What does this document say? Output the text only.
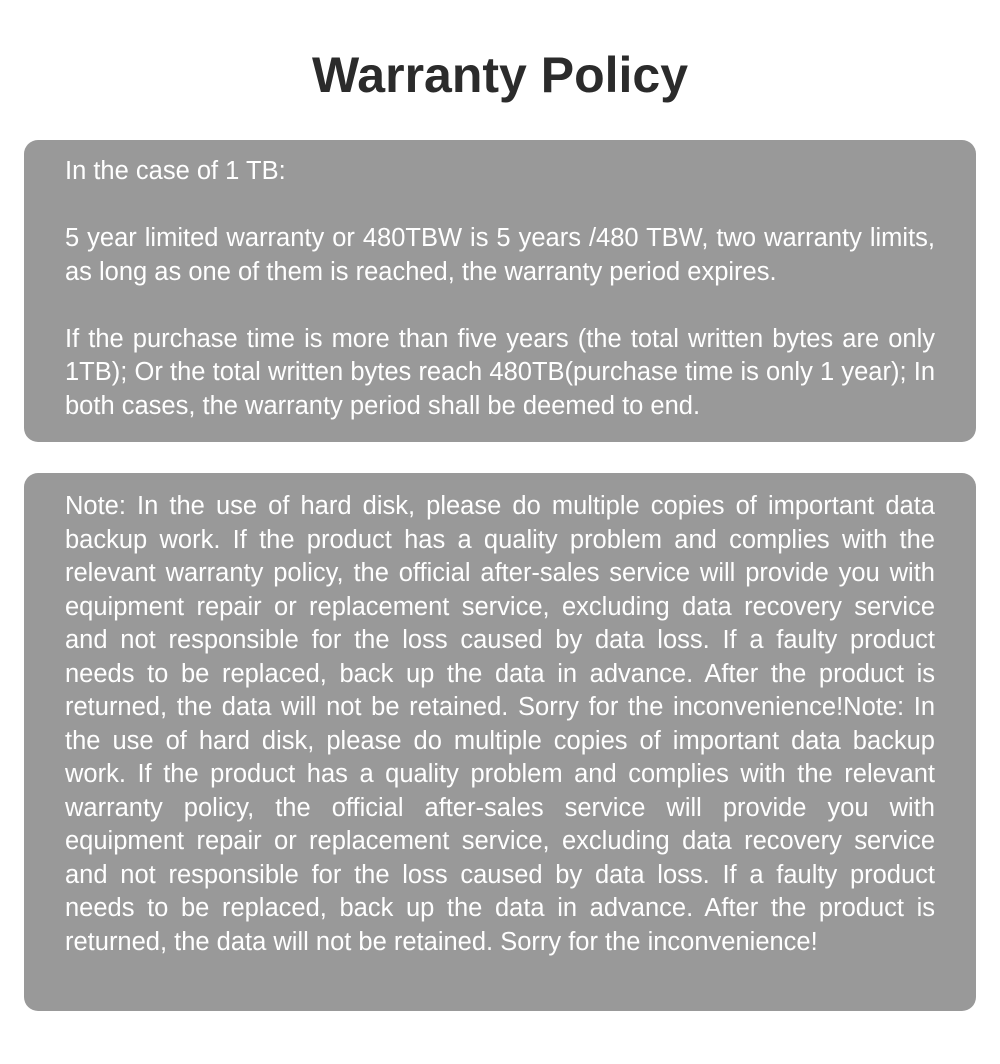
Warranty Policy
In the case of 1 TB:

5 year limited warranty or 480TBW is 5 years /480 TBW, two warranty limits, as long as one of them is reached, the warranty period expires.

If the purchase time is more than five years (the total written bytes are only 1TB); Or the total written bytes reach 480TB(purchase time is only 1 year); In both cases, the warranty period shall be deemed to end.

Note: In the use of hard disk, please do multiple copies of important data backup work. If the product has a quality problem and complies with the relevant warranty policy, the official after-sales service will provide you with equipment repair or replacement service, excluding data recovery service and not responsible for the loss caused by data loss. If a faulty product needs to be replaced, back up the data in advance. After the product is returned, the data will not be retained. Sorry for the inconvenience!Note: In the use of hard disk, please do multiple copies of important data backup work. If the product has a quality problem and complies with the relevant warranty policy, the official after-sales service will provide you with equipment repair or replacement service, excluding data recovery service and not responsible for the loss caused by data loss. If a faulty product needs to be replaced, back up the data in advance. After the product is returned, the data will not be retained. Sorry for the inconvenience!
